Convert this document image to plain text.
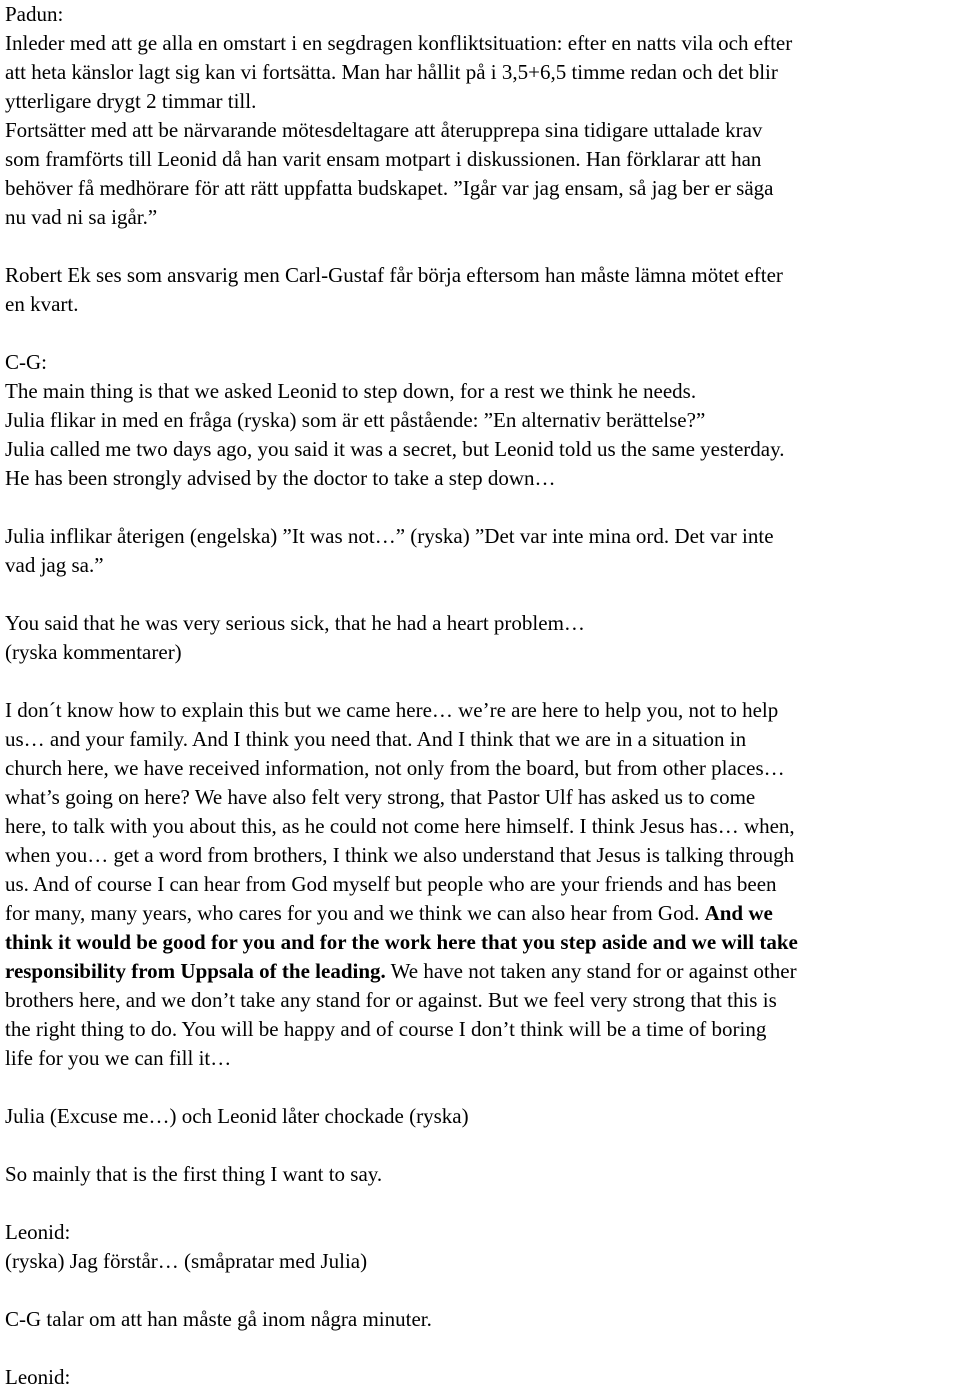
Padun:

Inleder med att ge alla en omstart i en segdragen konfliktsituation: efter en natts vila och efter

att heta känslor lagt sig kan vi fortsätta. Man har hållit på i 3,5+6,5 timme redan och det blir

ytterligare drygt 2 timmar till.

Fortsätter med att be närvarande mötesdeltagare att återupprepa sina tidigare uttalade krav

som framförts till Leonid då han varit ensam motpart i diskussionen. Han förklarar att han

behöver få medhörare för att rätt uppfatta budskapet. ”Igår var jag ensam, så jag ber er säga

nu vad ni sa igår.”

Robert Ek ses som ansvarig men Carl-Gustaf får börja eftersom han måste lämna mötet efter

en kvart.

C-G:

The main thing is that we asked Leonid to step down, for a rest we think he needs.

Julia flikar in med en fråga (ryska) som är ett påstående: ”En alternativ berättelse?”

Julia called me two days ago, you said it was a secret, but Leonid told us the same yesterday.

He has been strongly advised by the doctor to take a step down…

Julia inflikar återigen (engelska) ”It was not…” (ryska) ”Det var inte mina ord. Det var inte

vad jag sa.”

You said that he was very serious sick, that he had a heart problem…

(ryska kommentarer)

I don´t know how to explain this but we came here… we’re are here to help you, not to help

us… and your family. And I think you need that. And I think that we are in a situation in

church here, we have received information, not only from the board, but from other places…

what’s going on here? We have also felt very strong, that Pastor Ulf has asked us to come

here, to talk with you about this, as he could not come here himself. I think Jesus has… when,

when you… get a word from brothers, I think we also understand that Jesus is talking through

us. And of course I can hear from God myself but people who are your friends and has been

for many, many years, who cares for you and we think we can also hear from God. And we

think it would be good for you and for the work here that you step aside and we will take

responsibility from Uppsala of the leading. We have not taken any stand for or against other

brothers here, and we don’t take any stand for or against. But we feel very strong that this is

the right thing to do. You will be happy and of course I don’t think will be a time of boring

life for you we can fill it…

Julia (Excuse me…) och Leonid låter chockade (ryska)

So mainly that is the first thing I want to say.

Leonid:

(ryska) Jag förstår… (småpratar med Julia)

C-G talar om att han måste gå inom några minuter.

Leonid:
